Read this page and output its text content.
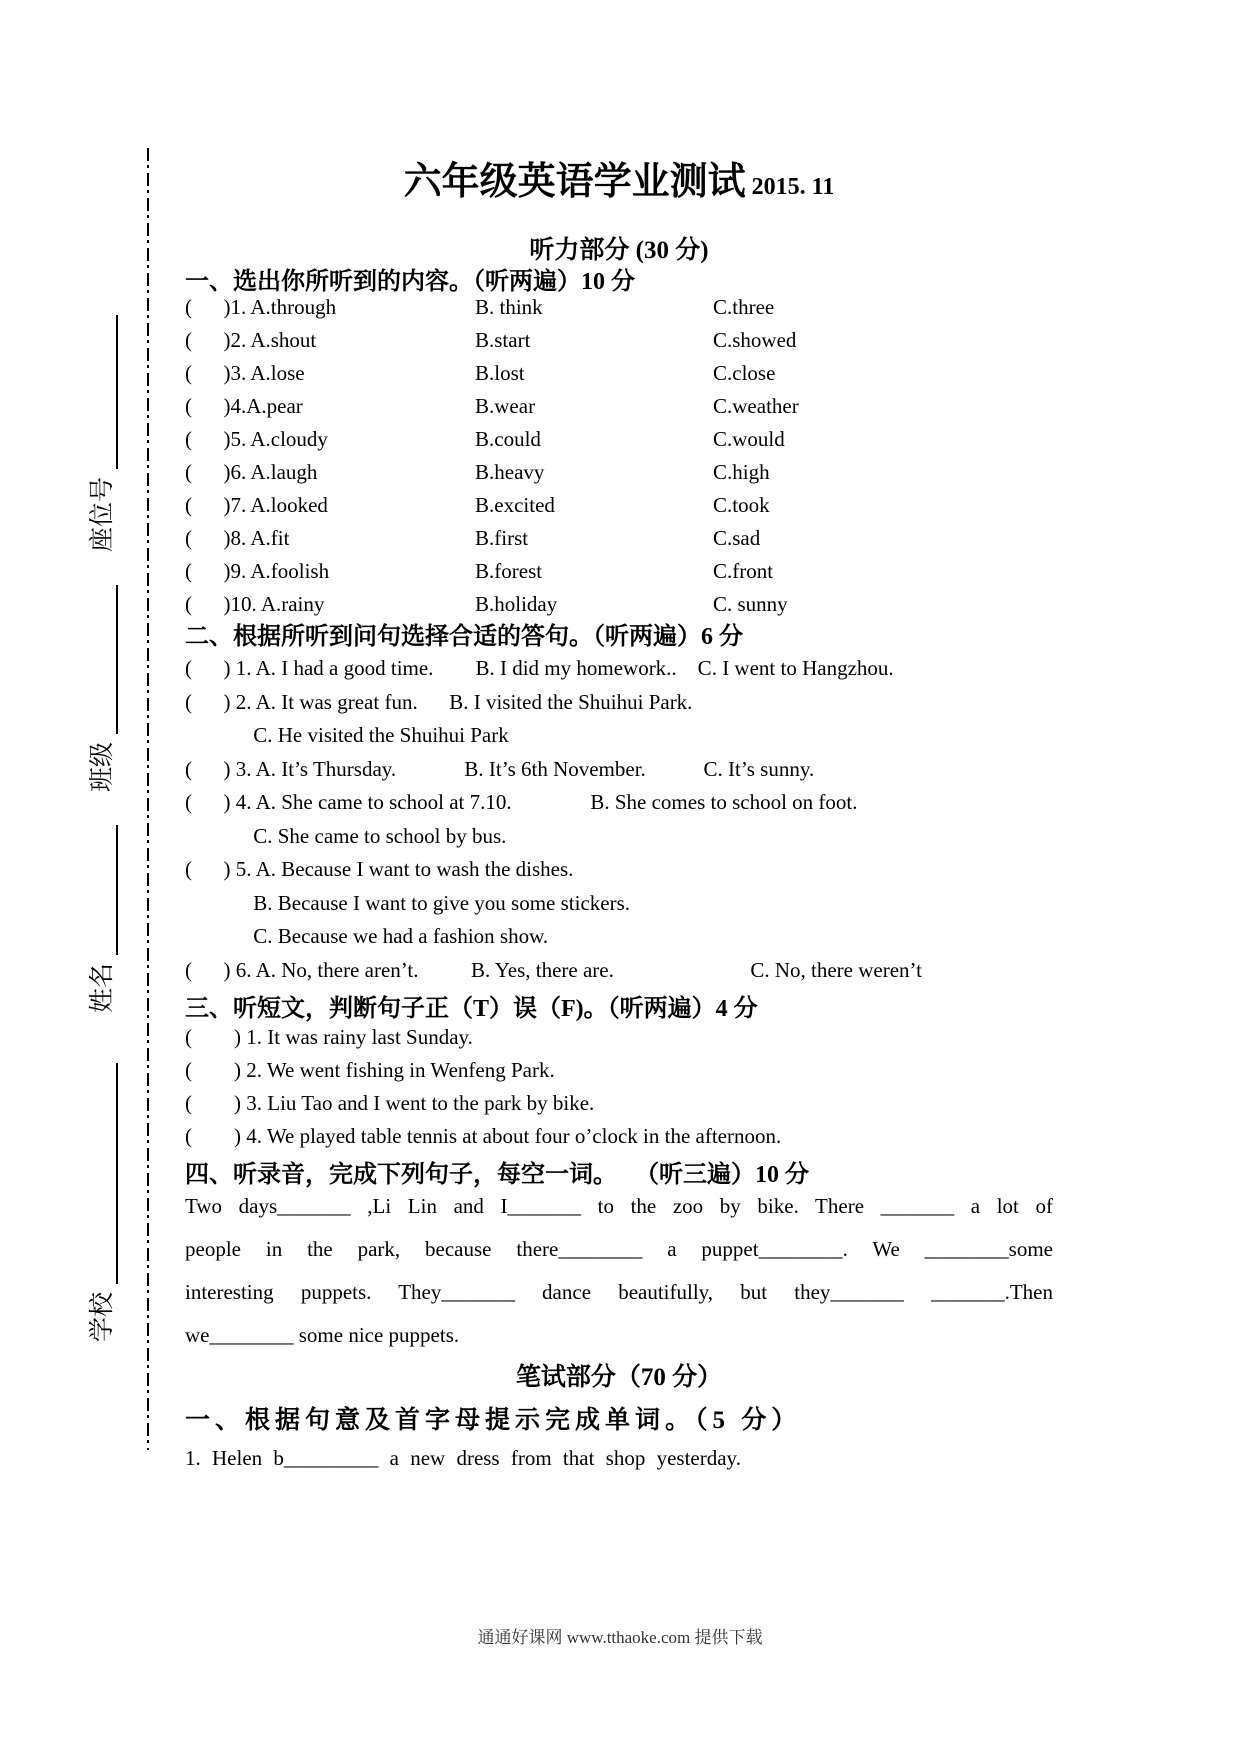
座位号
班级
姓名
学校
六年级英语学业测试 2015. 11
听力部分 (30 分)
一、选出你所听到的内容。（听两遍）10 分
(      )1. A.through	B. think	C.three
(      )2. A.shout	B.start	C.showed
(      )3. A.lose	B.lost	C.close
(      )4.A.pear	B.wear	C.weather
(      )5. A.cloudy	B.could	C.would
(      )6. A.laugh	B.heavy	C.high
(      )7. A.looked	B.excited	C.took
(      )8. A.fit	B.first	C.sad
(      )9. A.foolish	B.forest	C.front
(      )10. A.rainy	B.holiday	C. sunny
二、根据所听到问句选择合适的答句。（听两遍）6 分
(      ) 1. A. I had a good time.        B. I did my homework..    C. I went to Hangzhou.
(      ) 2. A. It was great fun.      B. I visited the Shuihui Park.
C. He visited the Shuihui Park
(      ) 3. A. It’s Thursday.             B. It’s 6th November.           C. It’s sunny.
(      ) 4. A. She came to school at 7.10.               B. She comes to school on foot.
C. She came to school by bus.
(      ) 5. A. Because I want to wash the dishes.
B. Because I want to give you some stickers.
C. Because we had a fashion show.
(      ) 6. A. No, there aren’t.          B. Yes, there are.                          C. No, there weren’t
三、听短文，判断句子正（T）误（F)。（听两遍）4 分
(        ) 1. It was rainy last Sunday.
(        ) 2. We went fishing in Wenfeng Park.
(        ) 3. Liu Tao and I went to the park by bike.
(        ) 4. We played table tennis at about four o’clock in the afternoon.
四、听录音，完成下列句子，每空一词。   （听三遍）10 分
Two days_______ ,Li Lin and I_______ to the zoo by bike. There _______ a lot of
people in the park, because there________ a puppet________. We ________some
interesting puppets. They_______ dance beautifully, but they_______ _______.Then
we________ some nice puppets.
笔试部分（70 分）
一、根据句意及首字母提示完成单词。（5 分）
1. Helen b_________ a new dress from that shop yesterday.
通通好课网 www.tthaoke.com 提供下载
